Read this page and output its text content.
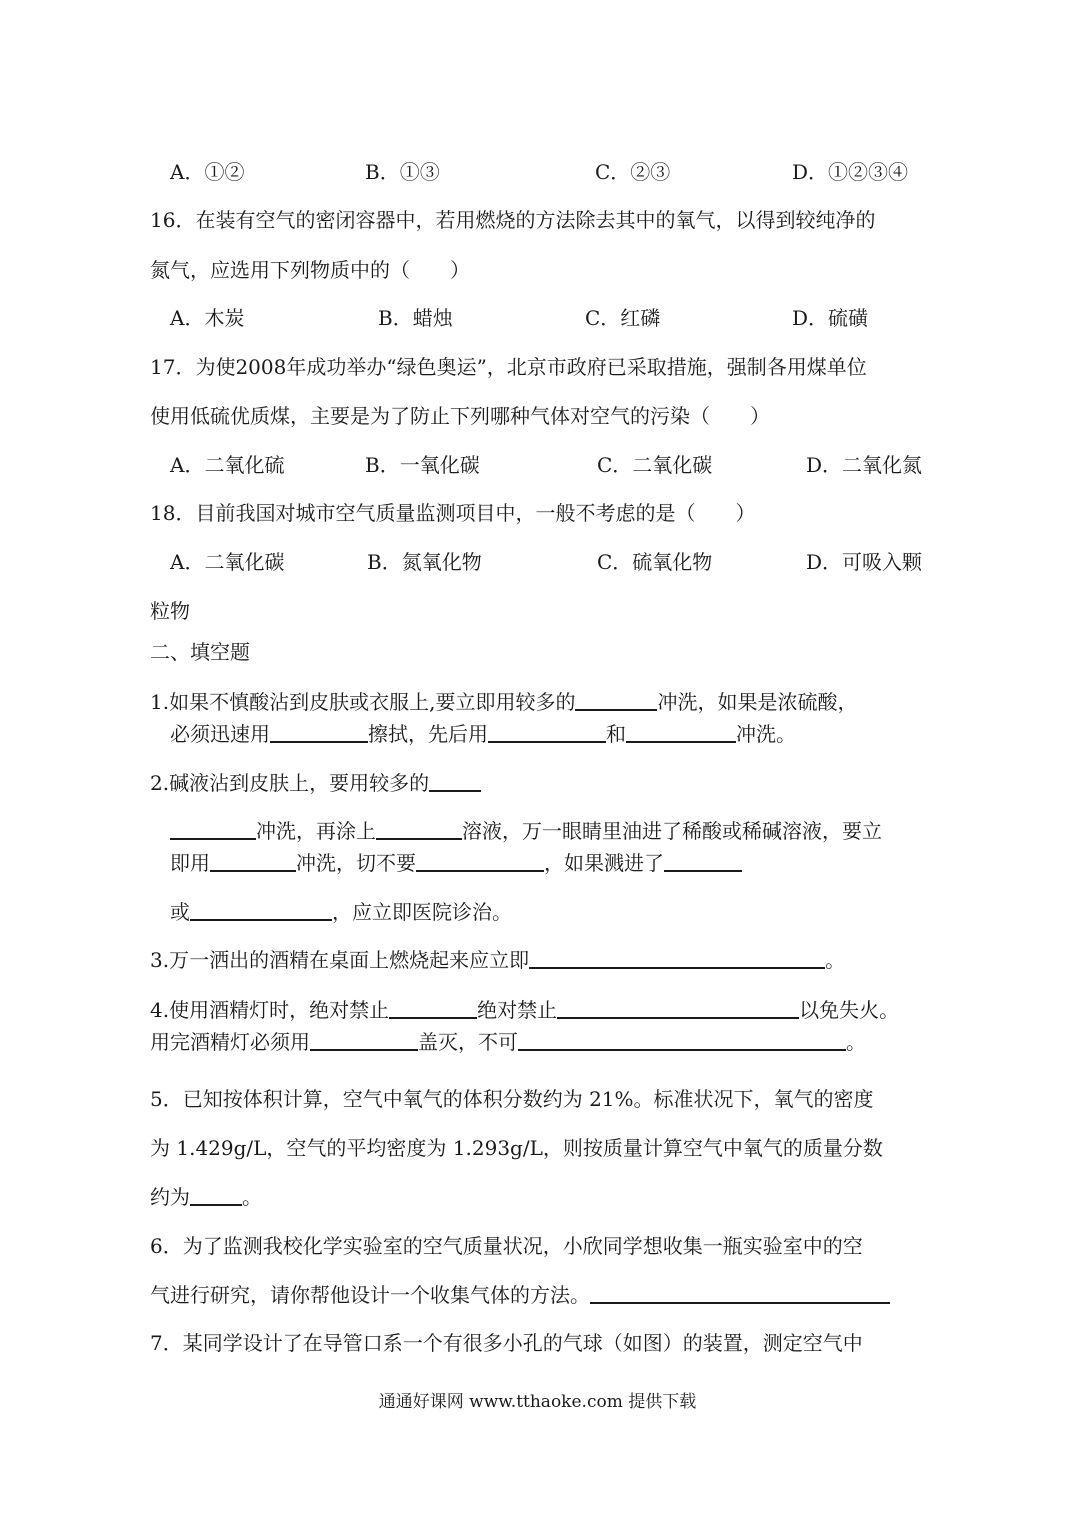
A．①②	B．①③	C．②③	D．①②③④
16．在装有空气的密闭容器中，若用燃烧的方法除去其中的氧气，以得到较纯净的
氮气，应选用下列物质中的（　　）
A．木炭	B．蜡烛	C．红磷	D．硫磺
17．为使2008年成功举办“绿色奥运”，北京市政府已采取措施，强制各用煤单位
使用低硫优质煤，主要是为了防止下列哪种气体对空气的污染（　　）
A．二氧化硫	B．一氧化碳	C．二氧化碳	D．二氧化氮
18．目前我国对城市空气质量监测项目中，一般不考虑的是（　　）
A．二氧化碳	B．氮氧化物	C．硫氧化物	D．可吸入颗
粒物
二、填空题
1.如果不慎酸沾到皮肤或衣服上,要立即用较多的	冲洗，如果是浓硫酸，
必须迅速用	擦拭，先后用	和	冲洗。
2.碱液沾到皮肤上，要用较多的
冲洗，再涂上	溶液，万一眼睛里油进了稀酸或稀碱溶液，要立
即用	冲洗，切不要	，如果溅进了
或	，应立即医院诊治。
3.万一洒出的酒精在桌面上燃烧起来应立即	。
4.使用酒精灯时，绝对禁止	绝对禁止	以免失火。
用完酒精灯必须用	盖灭，不可	。
5．已知按体积计算，空气中氧气的体积分数约为 21%。标准状况下，氧气的密度
为 1.429g/L，空气的平均密度为 1.293g/L，则按质量计算空气中氧气的质量分数
约为	。
6．为了监测我校化学实验室的空气质量状况，小欣同学想收集一瓶实验室中的空
气进行研究，请你帮他设计一个收集气体的方法。
7．某同学设计了在导管口系一个有很多小孔的气球（如图）的装置，测定空气中
通通好课网 www.tthaoke.com 提供下载
